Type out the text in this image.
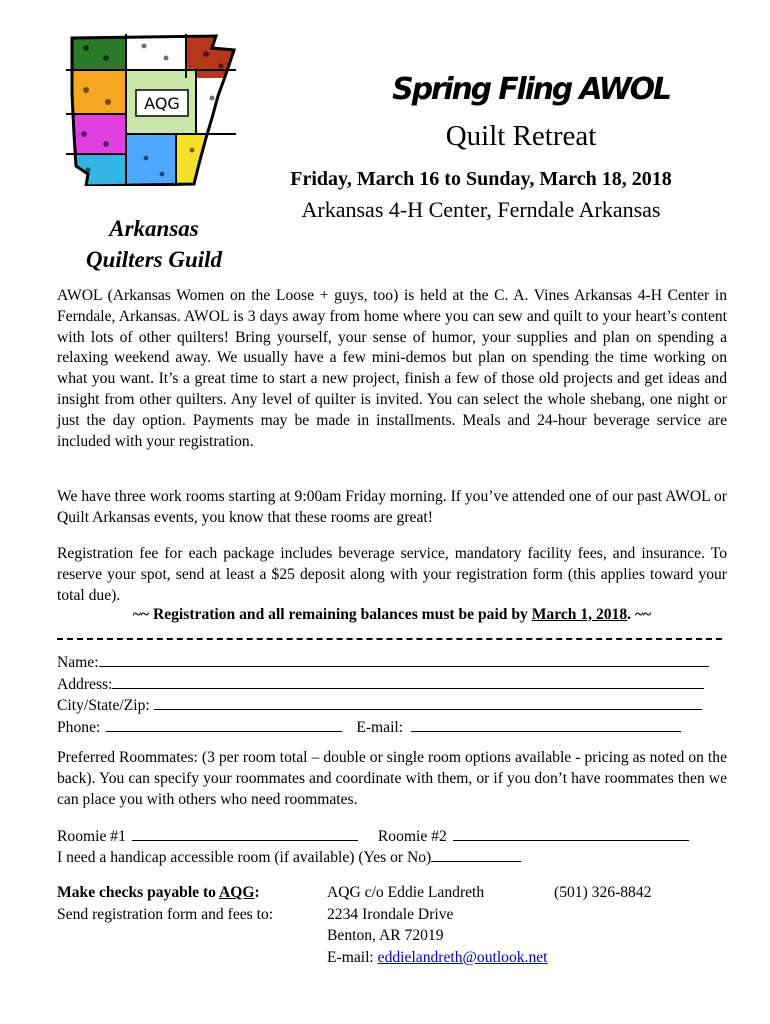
AQG
Arkansas
Quilters Guild
Spring Fling AWOL
Quilt Retreat
Friday, March 16 to Sunday, March 18, 2018
Arkansas 4-H Center, Ferndale Arkansas
AWOL (Arkansas Women on the Loose + guys, too) is held at the C. A. Vines Arkansas 4-H Center in Ferndale, Arkansas. AWOL is 3 days away from home where you can sew and quilt to your heart’s content with lots of other quilters! Bring yourself, your sense of humor, your supplies and plan on spending a relaxing weekend away. We usually have a few mini-demos but plan on spending the time working on what you want. It’s a great time to start a new project, finish a few of those old projects and get ideas and insight from other quilters. Any level of quilter is invited. You can select the whole shebang, one night or just the day option. Payments may be made in installments. Meals and 24-hour beverage service are included with your registration.
We have three work rooms starting at 9:00am Friday morning. If you’ve attended one of our past AWOL or Quilt Arkansas events, you know that these rooms are great!
Registration fee for each package includes beverage service, mandatory facility fees, and insurance. To reserve your spot, send at least a $25 deposit along with your registration form (this applies toward your total due).
~~ Registration and all remaining balances must be paid by March 1, 2018. ~~
Name:
Address:
City/State/Zip:
Phone:	E-mail:
Preferred Roommates: (3 per room total – double or single room options available - pricing as noted on the back). You can specify your roommates and coordinate with them, or if you don’t have roommates then we can place you with others who need roommates.
Roomie #1	Roomie #2
I need a handicap accessible room (if available) (Yes or No)
Make checks payable to AQG:
Send registration form and fees to:
AQG c/o Eddie Landreth
2234 Irondale Drive
Benton, AR 72019
E-mail: eddielandreth@outlook.net
(501) 326-8842
